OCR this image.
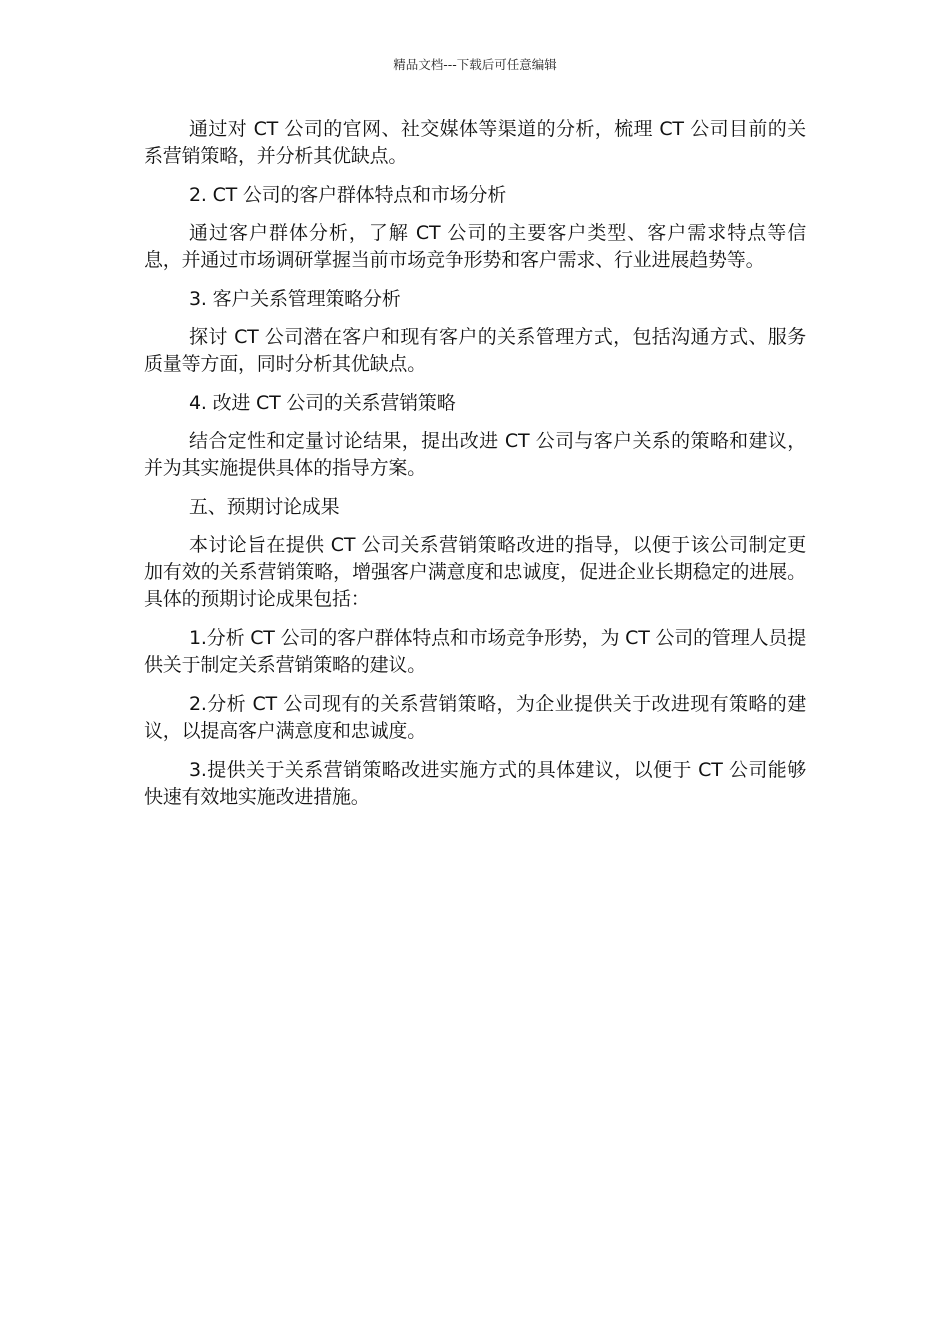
精品文档---下载后可任意编辑

通过对 CT 公司的官网、社交媒体等渠道的分析，梳理 CT 公司目前的关系营销策略，并分析其优缺点。

2. CT 公司的客户群体特点和市场分析

通过客户群体分析，了解 CT 公司的主要客户类型、客户需求特点等信息，并通过市场调研掌握当前市场竞争形势和客户需求、行业进展趋势等。

3. 客户关系管理策略分析

探讨 CT 公司潜在客户和现有客户的关系管理方式，包括沟通方式、服务质量等方面，同时分析其优缺点。

4. 改进 CT 公司的关系营销策略

结合定性和定量讨论结果，提出改进 CT 公司与客户关系的策略和建议，并为其实施提供具体的指导方案。

五、预期讨论成果

本讨论旨在提供 CT 公司关系营销策略改进的指导，以便于该公司制定更加有效的关系营销策略，增强客户满意度和忠诚度，促进企业长期稳定的进展。具体的预期讨论成果包括：

1.分析 CT 公司的客户群体特点和市场竞争形势，为 CT 公司的管理人员提供关于制定关系营销策略的建议。

2.分析 CT 公司现有的关系营销策略，为企业提供关于改进现有策略的建议，以提高客户满意度和忠诚度。

3.提供关于关系营销策略改进实施方式的具体建议，以便于 CT 公司能够快速有效地实施改进措施。
